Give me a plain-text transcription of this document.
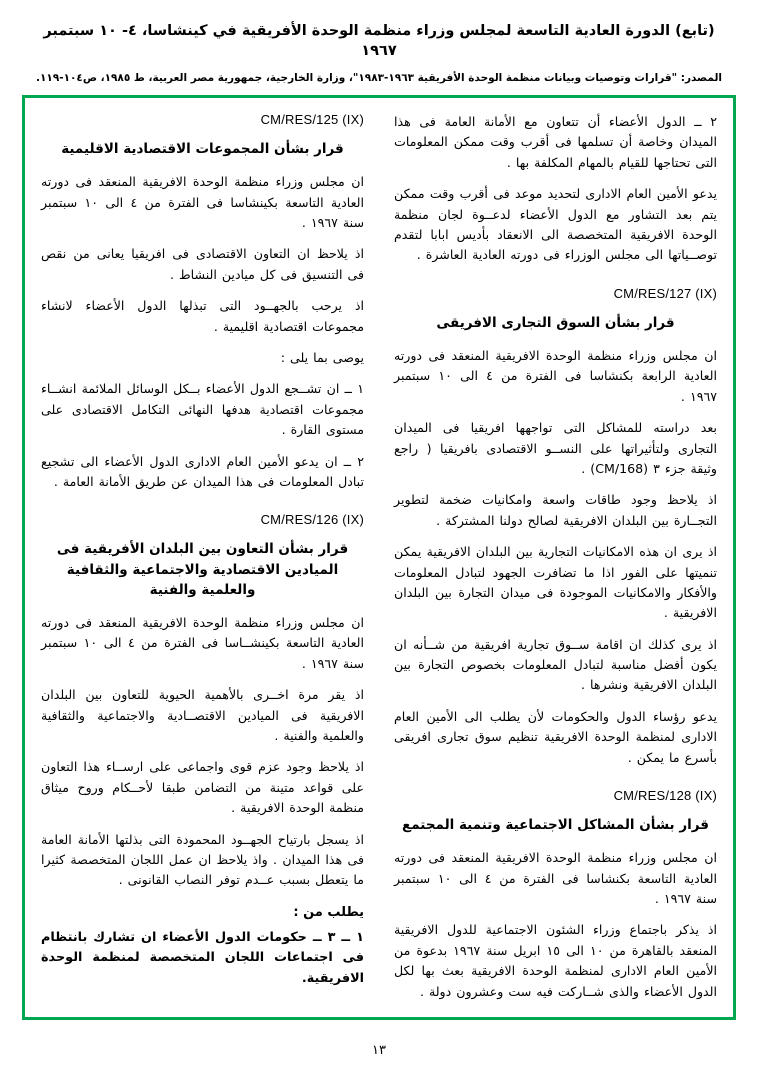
(تابع) الدورة العادية التاسعة لمجلس وزراء منظمة الوحدة الأفريقية في كينشاسا، ٤- ١٠ سبتمبر ١٩٦٧
المصدر: "قرارات وتوصيات وبيانات منظمة الوحدة الأفريقية ١٩٦٣-١٩٨٣"، وزارة الخارجية، جمهورية مصر العربية، ط ١٩٨٥، ص١٠٤-١١٩.

٢ ــ الدول الأعضاء أن تتعاون مع الأمانة العامة فى هذا الميدان وخاصة أن تسلمها فى أقرب وقت ممكن المعلومات التى تحتاجها للقيام بالمهام المكلفة بها .

يدعو الأمين العام الادارى لتحديد موعد فى أقرب وقت ممكن يتم بعد التشاور مع الدول الأعضاء لدعــوة لجان منظمة الوحدة الافريقية المتخصصة الى الانعقاد بأديس ابابا لتقدم توصــياتها الى مجلس الوزراء فى دورته العادية العاشرة .

CM/RES/127 (IX)
قرار بشأن السوق التجارى الافريقى

ان مجلس وزراء منظمة الوحدة الافريقية المنعقد فى دورته العادية الرابعة بكنشاسا فى الفترة من ٤ الى ١٠ سبتمبر ١٩٦٧ .

بعد دراسته للمشاكل التى تواجهها افريقيا فى الميدان التجارى ولتأثيراتها على النســو الاقتصادى بافريقيا ( راجع وثيقة جزء ٣ (CM/168) .

اذ يلاحظ وجود طاقات واسعة وامكانيات ضخمة لتطوير التجــارة بين البلدان الافريقية لصالح دولنا المشتركة .

اذ يرى ان هذه الامكانيات التجارية بين البلدان الافريقية يمكن تنميتها على الفور اذا ما تضافرت الجهود لتبادل المعلومات والأفكار والامكانيات الموجودة فى ميدان التجارة بين البلدان الافريقية .

اذ يرى كذلك ان اقامة ســوق تجارية افريقية من شــأنه ان يكون أفضل مناسبة لتبادل المعلومات بخصوص التجارة بين البلدان الافريقية ونشرها .

يدعو رؤساء الدول والحكومات لأن يطلب الى الأمين العام الادارى لمنظمة الوحدة الافريقية تنظيم سوق تجارى افريقى بأسرع ما يمكن .

CM/RES/128 (IX)
قرار بشأن المشاكل الاجتماعية وتنمية المجتمع

ان مجلس وزراء منظمة الوحدة الافريقية المنعقد فى دورته العادية التاسعة بكنشاسا فى الفترة من ٤ الى ١٠ سبتمبر سنة ١٩٦٧ .

اذ يذكر باجتماع وزراء الشئون الاجتماعية للدول الافريقية المنعقد بالقاهرة من ١٠ الى ١٥ ابريل سنة ١٩٦٧ بدعوة من الأمين العام الادارى لمنظمة الوحدة الافريقية بعث بها لكل الدول الأعضاء والذى شــاركت فيه ست وعشرون دولة .

CM/RES/125 (IX)
قرار بشأن المجموعات الاقتصادية الاقليمية

ان مجلس وزراء منظمة الوحدة الافريقية المنعقد فى دورته العادية التاسعة بكينشاسا فى الفترة من ٤ الى ١٠ سبتمبر سنة ١٩٦٧ .

اذ يلاحظ ان التعاون الاقتصادى فى افريقيا يعانى من نقص فى التنسيق فى كل ميادين النشاط .

اذ يرحب بالجهــود التى تبذلها الدول الأعضاء لانشاء مجموعات اقتصادية اقليمية .

يوصى بما يلى :

١ ــ ان تشــجع الدول الأعضاء بــكل الوسائل الملائمة انشــاء مجموعات اقتصادية هدفها النهائى التكامل الاقتصادى على مستوى القارة .

٢ ــ ان يدعو الأمين العام الادارى الدول الأعضاء الى تشجيع تبادل المعلومات فى هذا الميدان عن طريق الأمانة العامة .

CM/RES/126 (IX)
قرار بشأن التعاون بين البلدان الأفريقية فى الميادين الاقتصادية والاجتماعية والثقافية والعلمية والفنية

ان مجلس وزراء منظمة الوحدة الافريقية المنعقد فى دورته العادية التاسعة بكينشــاسا فى الفترة من ٤ الى ١٠ سبتمبر سنة ١٩٦٧ .

اذ يقر مرة اخــرى بالأهمية الحيوية للتعاون بين البلدان الافريقية فى الميادين الاقتصــادية والاجتماعية والثقافية والعلمية والفنية .

اذ يلاحظ وجود عزم قوى واجماعى على ارســاء هذا التعاون على قواعد متينة من التضامن طبقا لأحــكام وروح ميثاق منظمة الوحدة الافريقية .

اذ يسجل بارتياح الجهــود المحمودة التى بذلتها الأمانة العامة فى هذا الميدان . واذ يلاحظ ان عمل اللجان المتخصصة كثيرا ما يتعطل بسبب عــدم توفر النصاب القانونى .

يطلب من :

١ ــ ٣ ــ حكومات الدول الأعضاء ان تشارك بانتظام فى اجتماعات اللجان المتخصصة لمنظمة الوحدة الافريقية.

١٣
